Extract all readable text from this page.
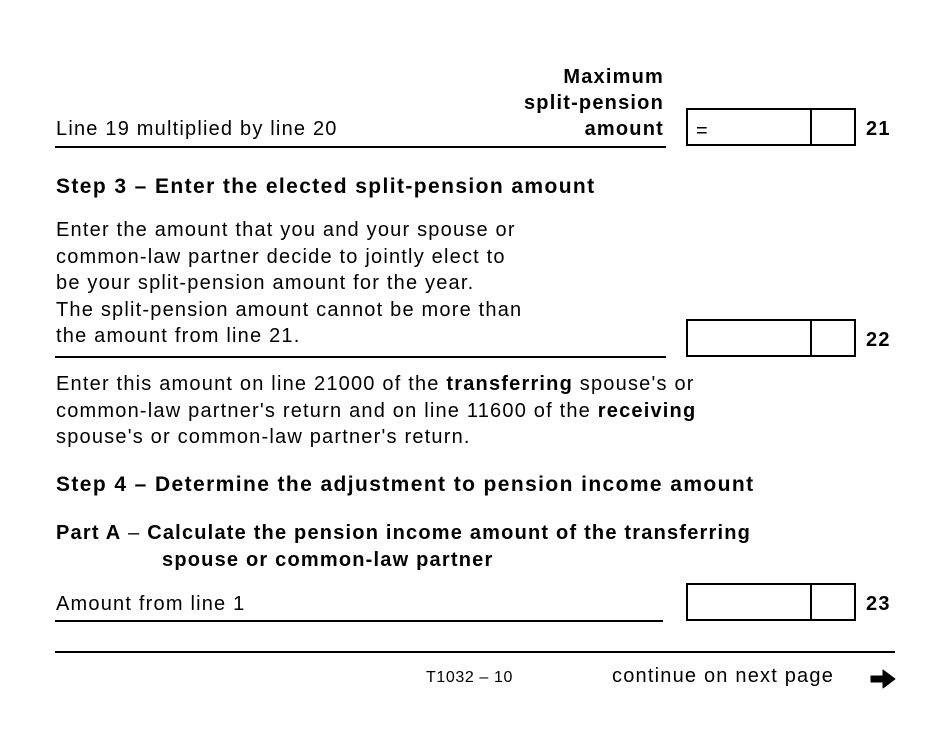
Maximum
split-pension
amount
Line 19 multiplied by line 20	=	21
Step 3 – Enter the elected split-pension amount
Enter the amount that you and your spouse or
common-law partner decide to jointly elect to
be your split-pension amount for the year.
The split-pension amount cannot be more than
the amount from line 21.	22
Enter this amount on line 21000 of the transferring spouse's or
common-law partner's return and on line 11600 of the receiving
spouse's or common-law partner's return.
Step 4 – Determine the adjustment to pension income amount
Part A – Calculate the pension income amount of the transferring
spouse or common-law partner
Amount from line 1	23
T1032 – 10	continue on next page
